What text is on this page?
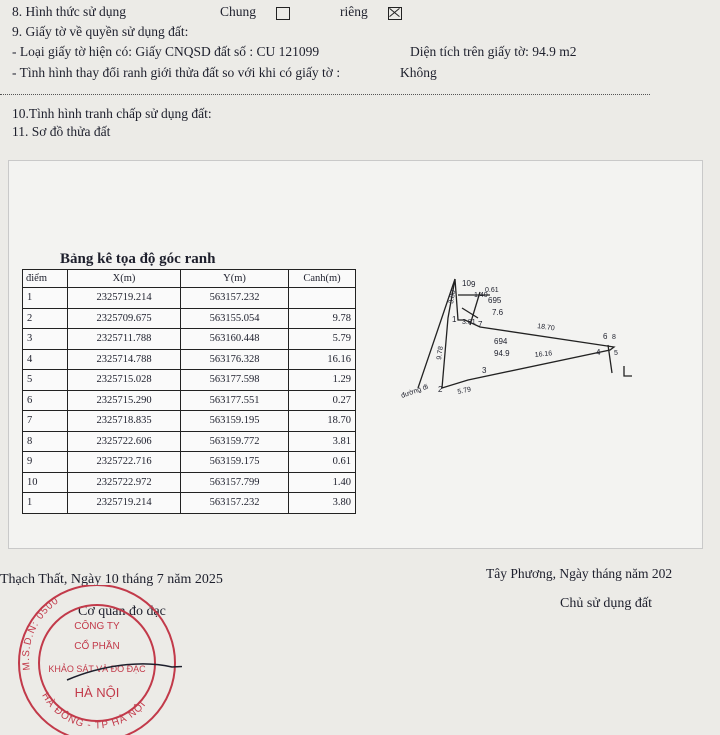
8. Hình thức sử dụng	Chung	riêng
9. Giấy tờ về quyền sử dụng đất:
- Loại giấy tờ hiện có: Giấy CNQSD đất số : CU 121099	Diện tích trên giấy tờ: 94.9 m2
- Tình hình thay đổi ranh giới thửa đất so với khi có giấy tờ :	Không
10.Tình hình tranh chấp sử dụng đất:
11. Sơ đồ thửa đất
Bảng kê tọa độ góc ranh
điểm	X(m)	Y(m)	Canh(m)
1	2325719.214	563157.232	
2	2325709.675	563155.054	9.78
3	2325711.788	563160.448	5.79
4	2325714.788	563176.328	16.16
5	2325715.028	563177.598	1.29
6	2325715.290	563177.551	0.27
7	2325718.835	563159.195	18.70
8	2325722.606	563159.772	3.81
9	2325722.716	563159.175	0.61
10	2325722.972	563157.799	1.40
1	2325719.214	563157.232	3.80
10 9
0.61
1.40
695
7.6
3.80
1 3.81 7	18.70
6 8
694
94.9	16.16	4 5
9.78
3
đường đi 2 5.79
Thạch Thất, Ngày 10 tháng 7 năm 2025	Tây Phương, Ngày tháng năm 202
Cơ quan đo đạc
Chủ sử dụng đất
M.S.D.N: 0500
HÀ ĐÔNG - TP HÀ NỘI
CÔNG TY
CỔ PHẦN
KHẢO SÁT VÀ ĐO ĐẠC
HÀ NỘI
